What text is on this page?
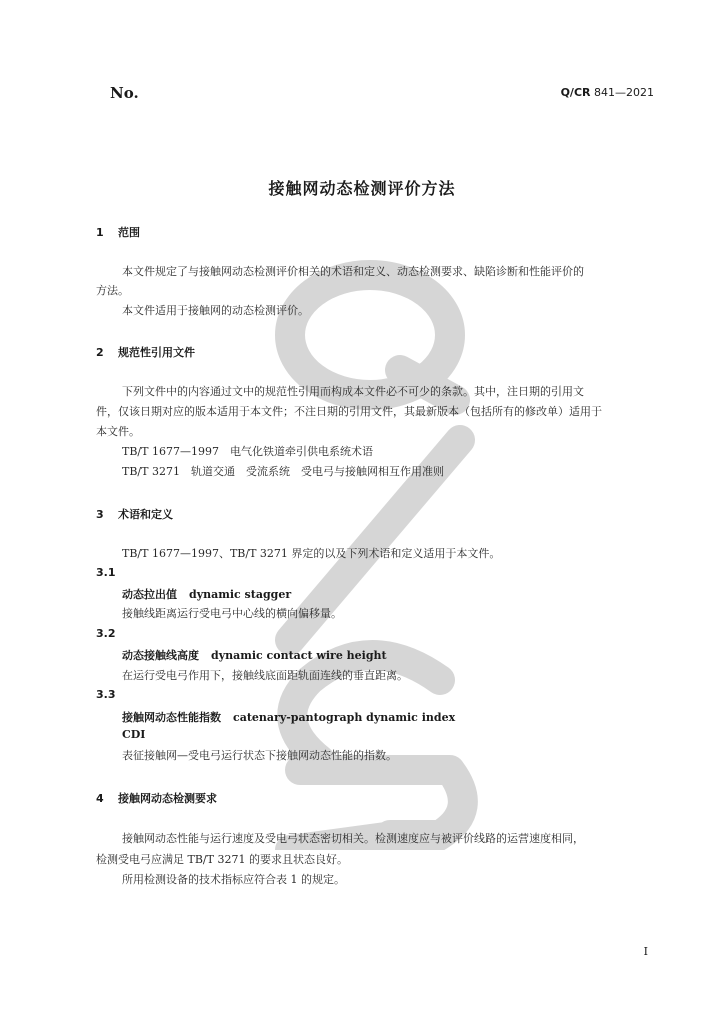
No.	Q/CR 841—2021
接触网动态检测评价方法
1 范围
本文件规定了与接触网动态检测评价相关的术语和定义、动态检测要求、缺陷诊断和性能评价的
方法。
本文件适用于接触网的动态检测评价。
2 规范性引用文件
下列文件中的内容通过文中的规范性引用而构成本文件必不可少的条款。其中，注日期的引用文
件，仅该日期对应的版本适用于本文件；不注日期的引用文件，其最新版本（包括所有的修改单）适用于
本文件。
TB/T 1677—1997　电气化铁道牵引供电系统术语
TB/T 3271　轨道交通　受流系统　受电弓与接触网相互作用准则
3 术语和定义
TB/T 1677—1997、TB/T 3271 界定的以及下列术语和定义适用于本文件。
3.1
动态拉出值 dynamic stagger
接触线距离运行受电弓中心线的横向偏移量。
3.2
动态接触线高度 dynamic contact wire height
在运行受电弓作用下，接触线底面距轨面连线的垂直距离。
3.3
接触网动态性能指数 catenary-pantograph dynamic index
CDI
表征接触网—受电弓运行状态下接触网动态性能的指数。
4 接触网动态检测要求
接触网动态性能与运行速度及受电弓状态密切相关。检测速度应与被评价线路的运营速度相同，
检测受电弓应满足 TB/T 3271 的要求且状态良好。
所用检测设备的技术指标应符合表 1 的规定。
I
